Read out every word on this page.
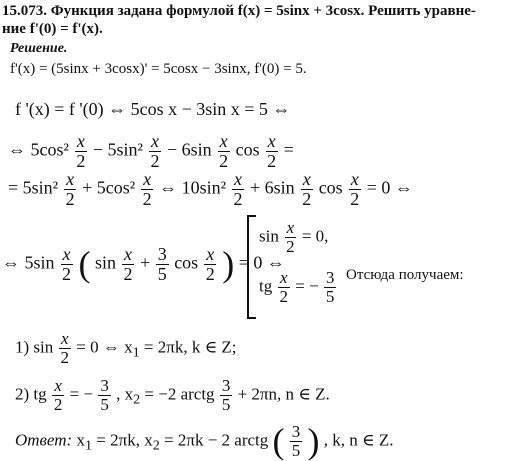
15.073. Функция задана формулой f(x) = 5sinx + 3cosx. Решить уравне-
ние f'(0) = f'(x).
Решение.
f'(x) = (5sinx + 3cosx)' = 5cosx − 3sinx, f'(0) = 5.
f '(x) = f '(0) ⇔ 5cos x − 3sin x = 5 ⇔
⇔ $5\cos^2 \frac{x}{2} - 5\sin^2 \frac{x}{2} - 6\sin \frac{x}{2}$ $\cos \frac{x}{2}$ =
= $5\sin^2 \frac{x}{2} + 5\cos^2 \frac{x}{2}$ ⇔ $10\sin^2 \frac{x}{2} + 6\sin \frac{x}{2}$ $\cos \frac{x}{2} = 0$ ⇔
⇔ $5\sin \frac{x}{2}$ ( $\sin \frac{x}{2} + \frac{3}{5}$ $\cos \frac{x}{2}$ ) = 0 ⇔
$\sin \frac{x}{2} = 0$,
tg $\frac{x}{2}$ = − $\frac{3}{5}$ Отсюда получаем:
1) $\sin \frac{x}{2} = 0$ ⇔ $x_1 = 2\pi k$, k ∈ Z;
2) tg $\frac{x}{2}$ = − $\frac{3}{5}$ , $x_2 = -2$ arctg $\frac{3}{5} + 2\pi n$, n ∈ Z.
Ответ: $x_1 = 2\pi k$, $x_2 = 2\pi k - 2$ arctg ( $\frac{3}{5}$ ) , k, n ∈ Z.
